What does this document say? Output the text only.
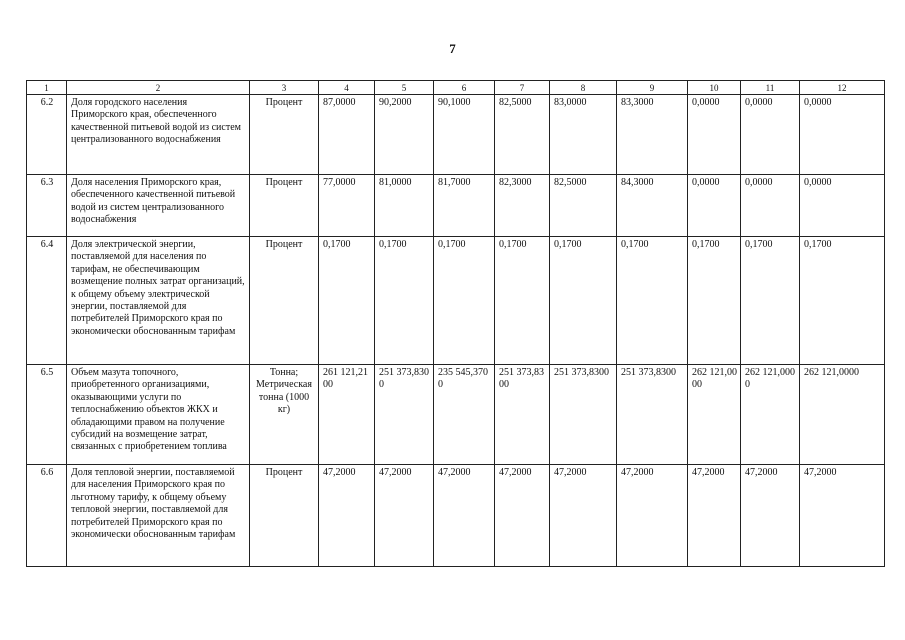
7
1	2	3	4	5	6	7	8	9	10	11	12
6.2	Доля городского населения Приморского края, обеспеченного качественной питьевой водой из систем централизованного водоснабжения	Процент	87,0000	90,2000	90,1000	82,5000	83,0000	83,3000	0,0000	0,0000	0,0000
6.3	Доля населения Приморского края, обеспеченного качественной питьевой водой из систем централизованного водоснабжения	Процент	77,0000	81,0000	81,7000	82,3000	82,5000	84,3000	0,0000	0,0000	0,0000
6.4	Доля электрической энергии, поставляемой для населения по тарифам, не обеспечивающим возмещение полных затрат организаций, к общему объему электрической энергии, поставляемой для потребителей Приморского края по экономически обоснованным тарифам	Процент	0,1700	0,1700	0,1700	0,1700	0,1700	0,1700	0,1700	0,1700	0,1700
6.5	Объем мазута топочного, приобретенного организациями, оказывающими услуги по теплоснабжению объектов ЖКХ и обладающими правом на получение субсидий на возмещение затрат, связанных с приобретением топлива	Тонна; Метрическая тонна (1000 кг)	261 121,2100	251 373,8300	235 545,3700	251 373,8300	251 373,8300	251 373,8300	262 121,0000	262 121,0000	262 121,0000
6.6	Доля тепловой энергии, поставляемой для населения Приморского края по льготному тарифу, к общему объему тепловой энергии, поставляемой для потребителей Приморского края по экономически обоснованным тарифам	Процент	47,2000	47,2000	47,2000	47,2000	47,2000	47,2000	47,2000	47,2000	47,2000
